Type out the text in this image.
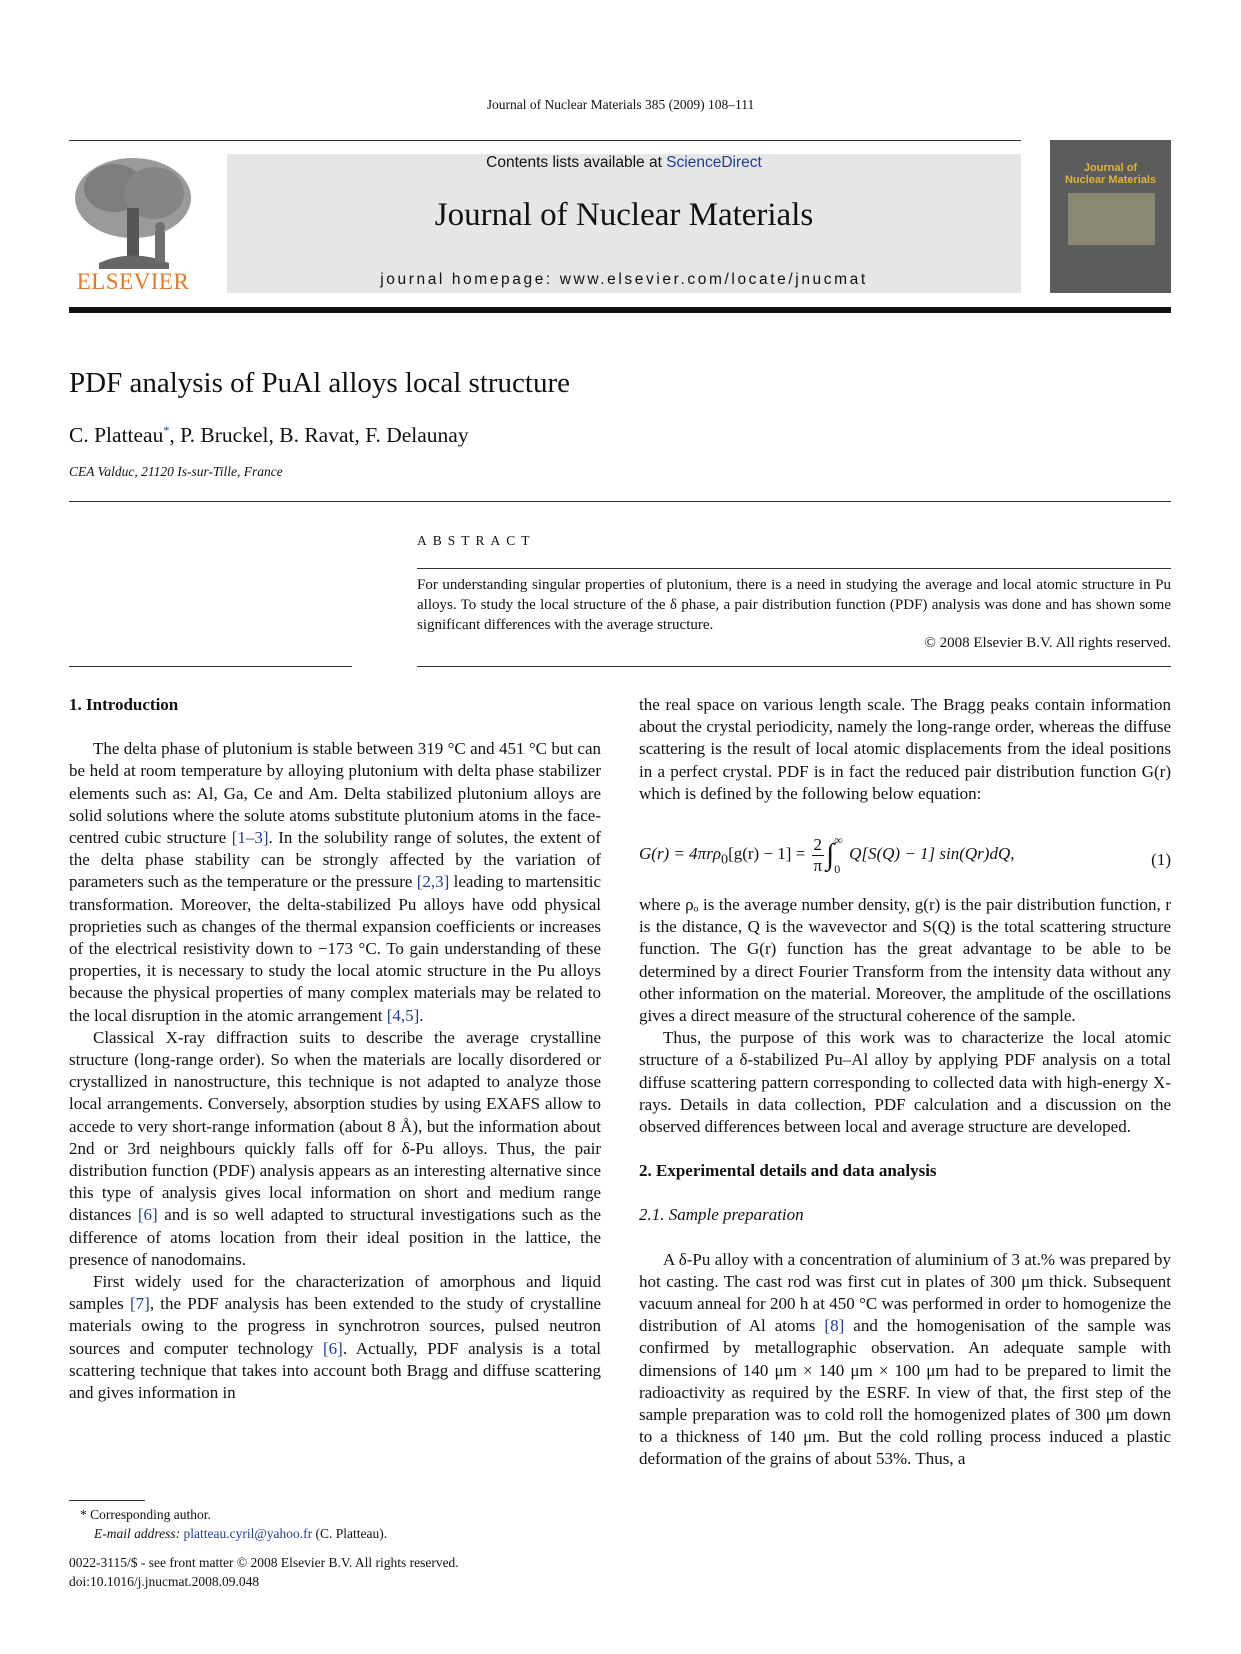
Journal of Nuclear Materials 385 (2009) 108–111
ELSEVIER
Contents lists available at ScienceDirect
Journal of Nuclear Materials
journal homepage: www.elsevier.com/locate/jnucmat
Journal of
Nuclear Materials
PDF analysis of PuAl alloys local structure
C. Platteau*, P. Bruckel, B. Ravat, F. Delaunay
CEA Valduc, 21120 Is-sur-Tille, France
ABSTRACT
For understanding singular properties of plutonium, there is a need in studying the average and local atomic structure in Pu alloys. To study the local structure of the δ phase, a pair distribution function (PDF) analysis was done and has shown some significant differences with the average structure.
© 2008 Elsevier B.V. All rights reserved.
1. Introduction

The delta phase of plutonium is stable between 319 °C and 451 °C but can be held at room temperature by alloying plutonium with delta phase stabilizer elements such as: Al, Ga, Ce and Am. Delta stabilized plutonium alloys are solid solutions where the solute atoms substitute plutonium atoms in the face-centred cubic structure [1–3]. In the solubility range of solutes, the extent of the delta phase stability can be strongly affected by the variation of parameters such as the temperature or the pressure [2,3] leading to martensitic transformation. Moreover, the delta-stabilized Pu alloys have odd physical proprieties such as changes of the thermal expansion coefficients or increases of the electrical resistivity down to −173 °C. To gain understanding of these properties, it is necessary to study the local atomic structure in the Pu alloys because the physical properties of many complex materials may be related to the local disruption in the atomic arrangement [4,5].

Classical X-ray diffraction suits to describe the average crystalline structure (long-range order). So when the materials are locally disordered or crystallized in nanostructure, this technique is not adapted to analyze those local arrangements. Conversely, absorption studies by using EXAFS allow to accede to very short-range information (about 8 Å), but the information about 2nd or 3rd neighbours quickly falls off for δ-Pu alloys. Thus, the pair distribution function (PDF) analysis appears as an interesting alternative since this type of analysis gives local information on short and medium range distances [6] and is so well adapted to structural investigations such as the difference of atoms location from their ideal position in the lattice, the presence of nanodomains.

First widely used for the characterization of amorphous and liquid samples [7], the PDF analysis has been extended to the study of crystalline materials owing to the progress in synchrotron sources, pulsed neutron sources and computer technology [6]. Actually, PDF analysis is a total scattering technique that takes into account both Bragg and diffuse scattering and gives information in

the real space on various length scale. The Bragg peaks contain information about the crystal periodicity, namely the long-range order, whereas the diffuse scattering is the result of local atomic displacements from the ideal positions in a perfect crystal. PDF is in fact the reduced pair distribution function G(r) which is defined by the following below equation:

$G(r) = 4\pi r\rho_0[g(r) - 1] = \frac{2}{\pi}$ ∫ ∞
0
Q[S(Q) − 1] sin(Qr)dQ,	(1)

where ρₒ is the average number density, g(r) is the pair distribution function, r is the distance, Q is the wavevector and S(Q) is the total scattering structure function. The G(r) function has the great advantage to be able to be determined by a direct Fourier Transform from the intensity data without any other information on the material. Moreover, the amplitude of the oscillations gives a direct measure of the structural coherence of the sample.

Thus, the purpose of this work was to characterize the local atomic structure of a δ-stabilized Pu–Al alloy by applying PDF analysis on a total diffuse scattering pattern corresponding to collected data with high-energy X-rays. Details in data collection, PDF calculation and a discussion on the observed differences between local and average structure are developed.

2. Experimental details and data analysis
2.1. Sample preparation

A δ-Pu alloy with a concentration of aluminium of 3 at.% was prepared by hot casting. The cast rod was first cut in plates of 300 μm thick. Subsequent vacuum anneal for 200 h at 450 °C was performed in order to homogenize the distribution of Al atoms [8] and the homogenisation of the sample was confirmed by metallographic observation. An adequate sample with dimensions of 140 μm × 140 μm × 100 μm had to be prepared to limit the radioactivity as required by the ESRF. In view of that, the first step of the sample preparation was to cold roll the homogenized plates of 300 μm down to a thickness of 140 μm. But the cold rolling process induced a plastic deformation of the grains of about 53%. Thus, a

* Corresponding author.
E-mail address: platteau.cyril@yahoo.fr (C. Platteau).
0022-3115/$ - see front matter © 2008 Elsevier B.V. All rights reserved.
doi:10.1016/j.jnucmat.2008.09.048
